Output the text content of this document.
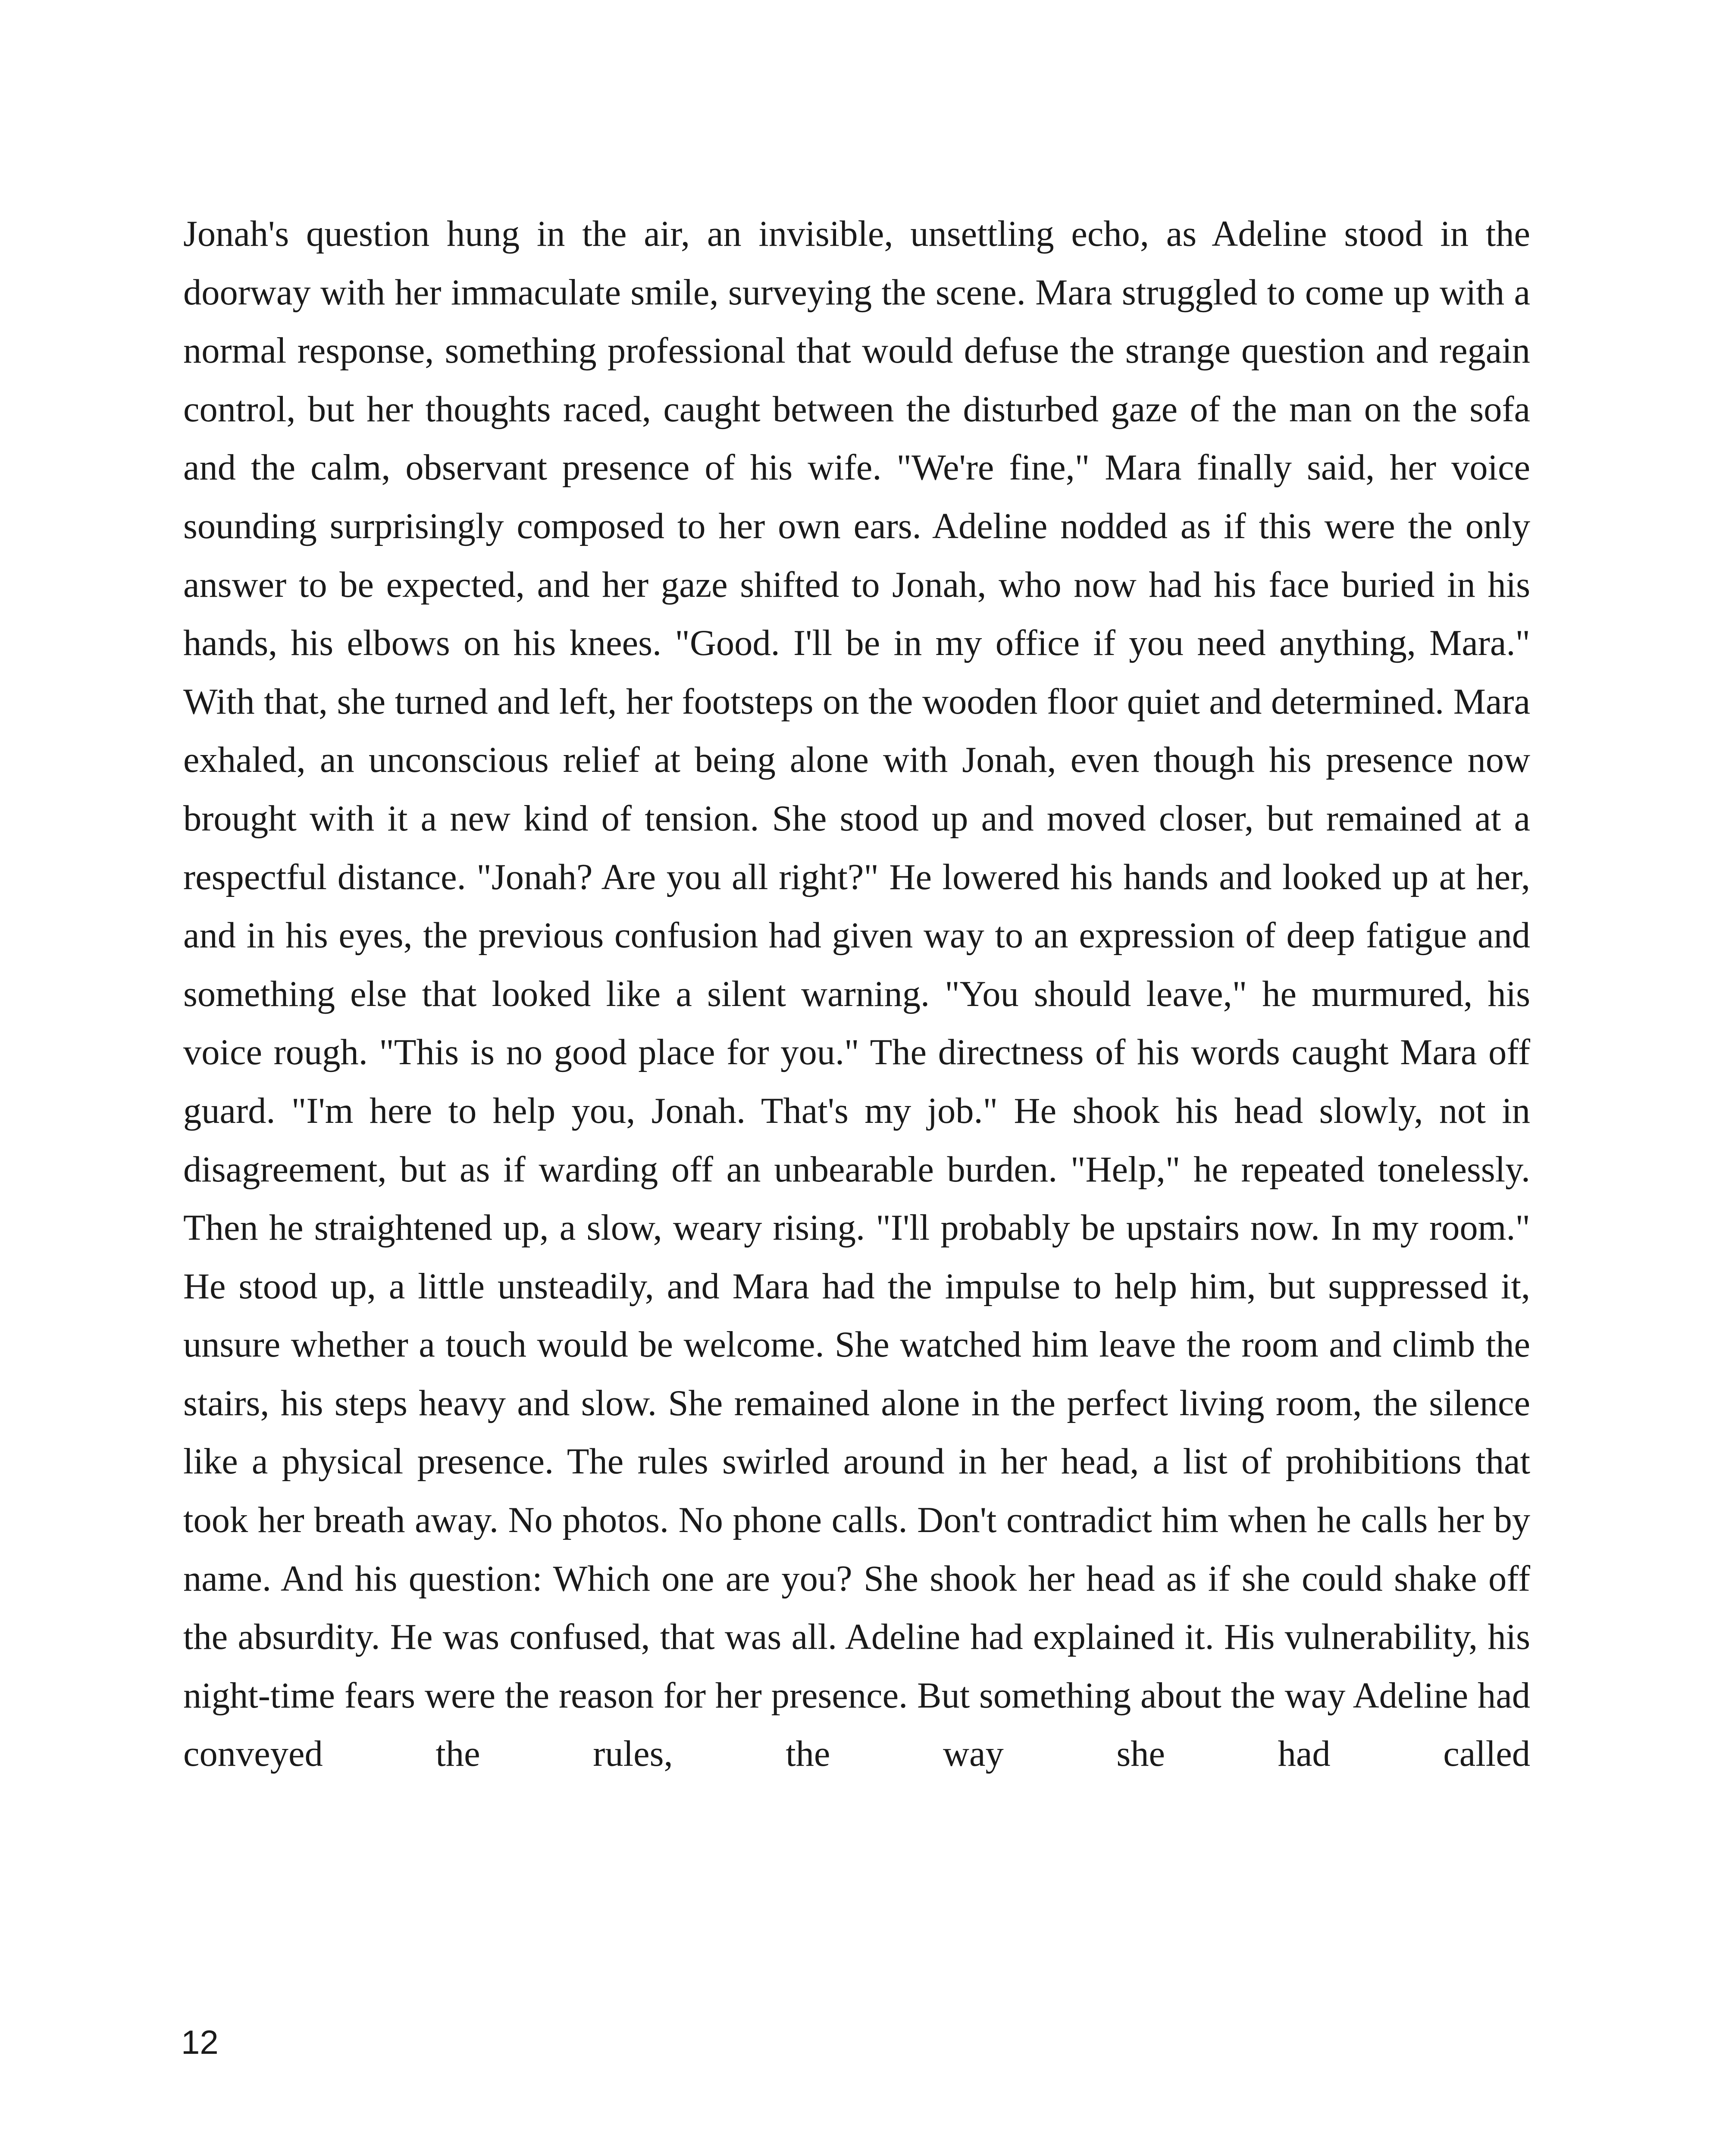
Jonah's question hung in the air, an invisible, unsettling echo, as Adeline stood in the doorway with her immaculate smile, surveying the scene. Mara struggled to come up with a normal response, something professional that would defuse the strange question and regain control, but her thoughts raced, caught between the disturbed gaze of the man on the sofa and the calm, observant presence of his wife. "We're fine," Mara finally said, her voice sounding surprisingly composed to her own ears. Adeline nodded as if this were the only answer to be expected, and her gaze shifted to Jonah, who now had his face buried in his hands, his elbows on his knees. "Good. I'll be in my office if you need anything, Mara." With that, she turned and left, her footsteps on the wooden floor quiet and determined. Mara exhaled, an unconscious relief at being alone with Jonah, even though his presence now brought with it a new kind of tension. She stood up and moved closer, but remained at a respectful distance. "Jonah? Are you all right?" He lowered his hands and looked up at her, and in his eyes, the previous confusion had given way to an expression of deep fatigue and something else that looked like a silent warning. "You should leave," he murmured, his voice rough. "This is no good place for you." The directness of his words caught Mara off guard. "I'm here to help you, Jonah. That's my job." He shook his head slowly, not in disagreement, but as if warding off an unbearable burden. "Help," he repeated tonelessly. Then he straightened up, a slow, weary rising. "I'll probably be upstairs now. In my room." He stood up, a little unsteadily, and Mara had the impulse to help him, but suppressed it, unsure whether a touch would be welcome. She watched him leave the room and climb the stairs, his steps heavy and slow. She remained alone in the perfect living room, the silence like a physical presence. The rules swirled around in her head, a list of prohibitions that took her breath away. No photos. No phone calls. Don't contradict him when he calls her by name. And his question: Which one are you? She shook her head as if she could shake off the absurdity. He was confused, that was all. Adeline had explained it. His vulnerability, his night-time fears were the reason for her presence. But something about the way Adeline had conveyed the rules, the way she had called

12
